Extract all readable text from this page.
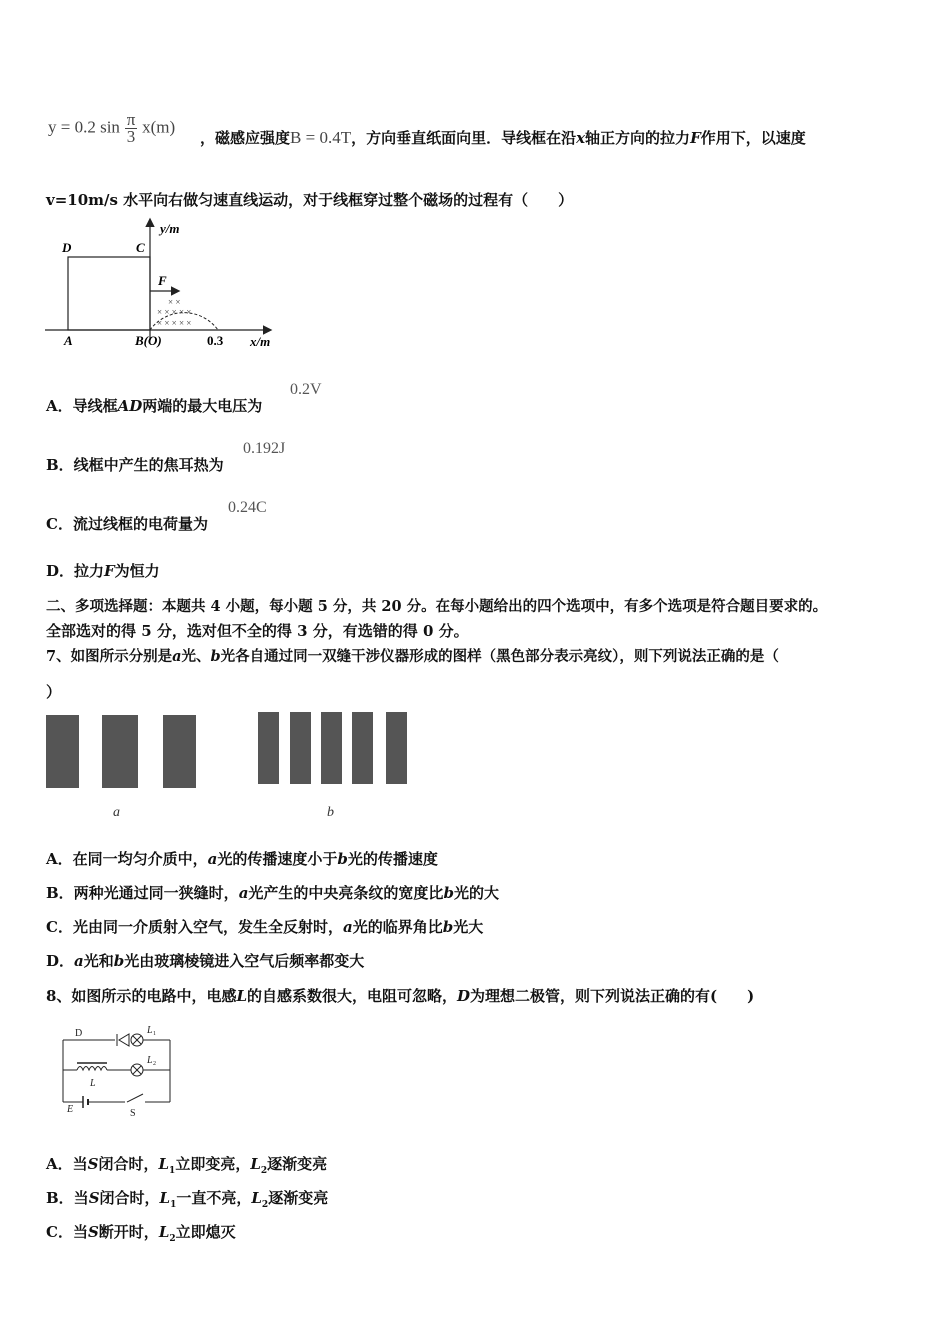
y = 0.2 $\sin \frac{\pi}{3} x(m)$
，磁感应强度B = 0.4T，方向垂直纸面向里．导线框在沿x轴正方向的拉力F作用下，以速度
v=10m/s 水平向右做匀速直线运动，对于线框穿过整个磁场的过程有（　　）
× ×
× × × × ×
× × × × ×
y/m
D	C
F
A	B(O)	0.3 x/m
A．导线框AD两端的最大电压为
0.2V
B．线框中产生的焦耳热为
0.192J
C．流过线框的电荷量为
0.24C
D．拉力F为恒力
二、多项选择题：本题共 4 小题，每小题 5 分，共 20 分。在每小题给出的四个选项中，有多个选项是符合题目要求的。
全部选对的得 5 分，选对但不全的得 3 分，有选错的得 0 分。
7、如图所示分别是a光、b光各自通过同一双缝干涉仪器形成的图样（黑色部分表示亮纹），则下列说法正确的是（
）
a	b
A．在同一均匀介质中，a光的传播速度小于b光的传播速度
B．两种光通过同一狭缝时，a光产生的中央亮条纹的宽度比b光的大
C．光由同一介质射入空气，发生全反射时，a光的临界角比b光大
D．a光和b光由玻璃棱镜进入空气后频率都变大
8、如图所示的电路中，电感L的自感系数很大，电阻可忽略，D为理想二极管，则下列说法正确的有(　　)
D	L 1
L 2
L
E	S
A．当S闭合时，$L_1$立即变亮，$L_2$逐渐变亮
B．当S闭合时，$L_1$一直不亮，$L_2$逐渐变亮
C．当S断开时，$L_2$立即熄灭
